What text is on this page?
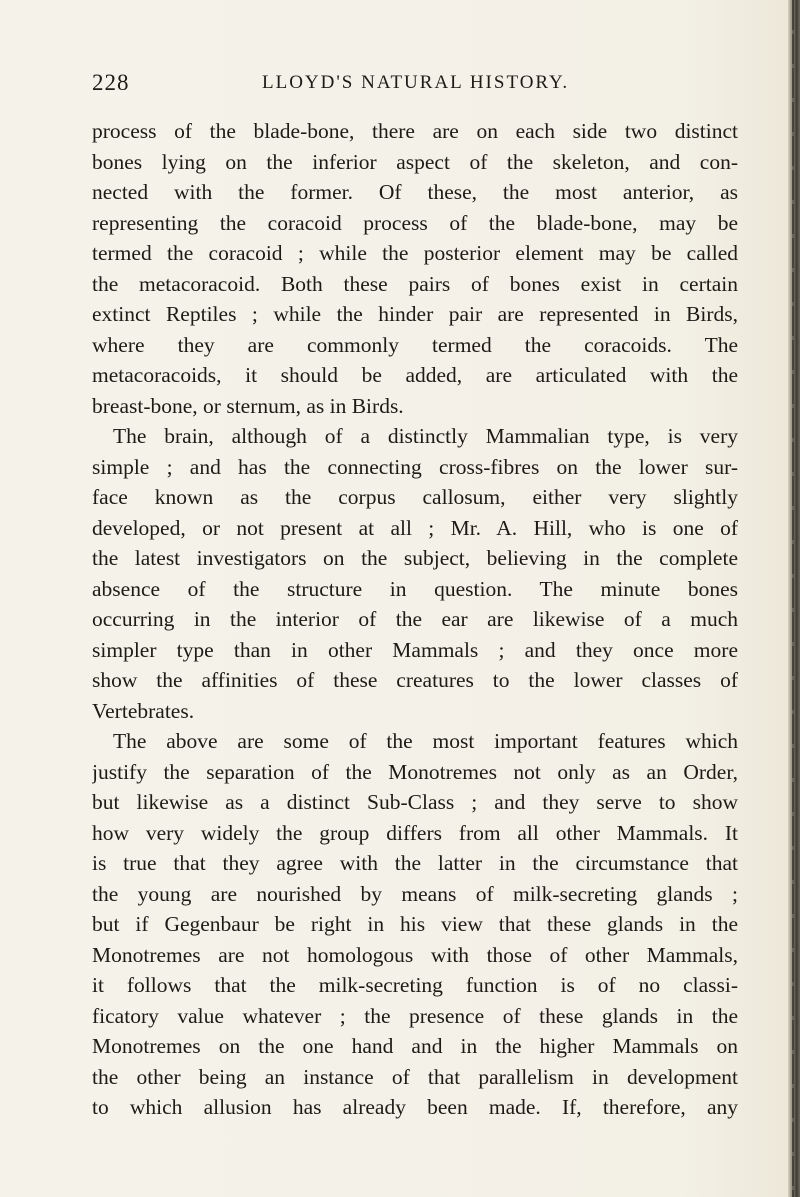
228	LLOYD'S NATURAL HISTORY.
process of the blade-bone, there are on each side two distinct
bones lying on the inferior aspect of the skeleton, and con-
nected with the former. Of these, the most anterior, as
representing the coracoid process of the blade-bone, may be
termed the coracoid ; while the posterior element may be called
the metacoracoid. Both these pairs of bones exist in certain
extinct Reptiles ; while the hinder pair are represented in Birds,
where they are commonly termed the coracoids. The
metacoracoids, it should be added, are articulated with the
breast-bone, or sternum, as in Birds.
The brain, although of a distinctly Mammalian type, is very
simple ; and has the connecting cross-fibres on the lower sur-
face known as the corpus callosum, either very slightly
developed, or not present at all ; Mr. A. Hill, who is one of
the latest investigators on the subject, believing in the complete
absence of the structure in question. The minute bones
occurring in the interior of the ear are likewise of a much
simpler type than in other Mammals ; and they once more
show the affinities of these creatures to the lower classes of
Vertebrates.
The above are some of the most important features which
justify the separation of the Monotremes not only as an Order,
but likewise as a distinct Sub-Class ; and they serve to show
how very widely the group differs from all other Mammals. It
is true that they agree with the latter in the circumstance that
the young are nourished by means of milk-secreting glands ;
but if Gegenbaur be right in his view that these glands in the
Monotremes are not homologous with those of other Mammals,
it follows that the milk-secreting function is of no classi-
ficatory value whatever ; the presence of these glands in the
Monotremes on the one hand and in the higher Mammals on
the other being an instance of that parallelism in development
to which allusion has already been made. If, therefore, any
